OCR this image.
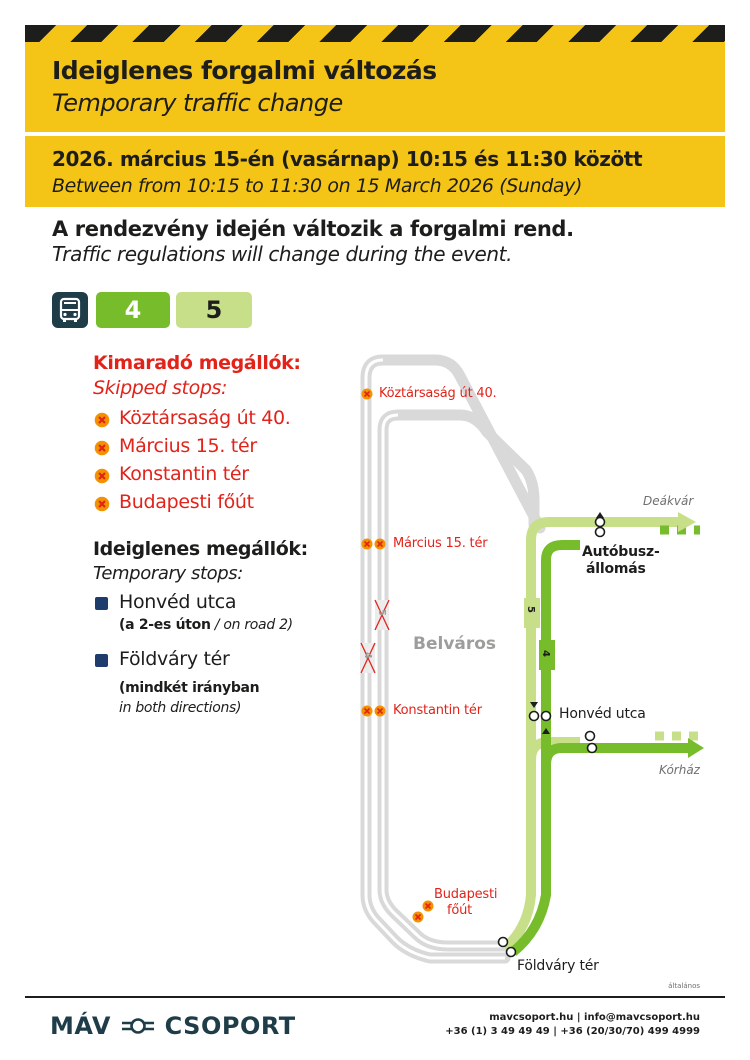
Ideiglenes forgalmi változás
Temporary traffic change
2026. március 15-én (vasárnap) 10:15 és 11:30 között
Between from 10:15 to 11:30 on 15 March 2026 (Sunday)
A rendezvény idején változik a forgalmi rend.
Traffic regulations will change during the event.
4	5
Kimaradó megállók:
Skipped stops:
Köztársaság út 40.
Március 15. tér
Konstantin tér
Budapesti főút
Ideiglenes megállók:
Temporary stops:
Honvéd utca
(a 2-es úton / on road 2)
Földváry tér
(mindkét irányban
in both directions)
Köztársaság út 40.
Március 15. tér
Konstantin tér
Budapesti
főút
Belváros
Deákvár
Kórház
Autóbusz-
állomás
Honvéd utca
Földváry tér
5
4
5
4
általános
MÁV CSOPORT	mavcsoport.hu | info@mavcsoport.hu
+36 (1) 3 49 49 49 | +36 (20/30/70) 499 4999
